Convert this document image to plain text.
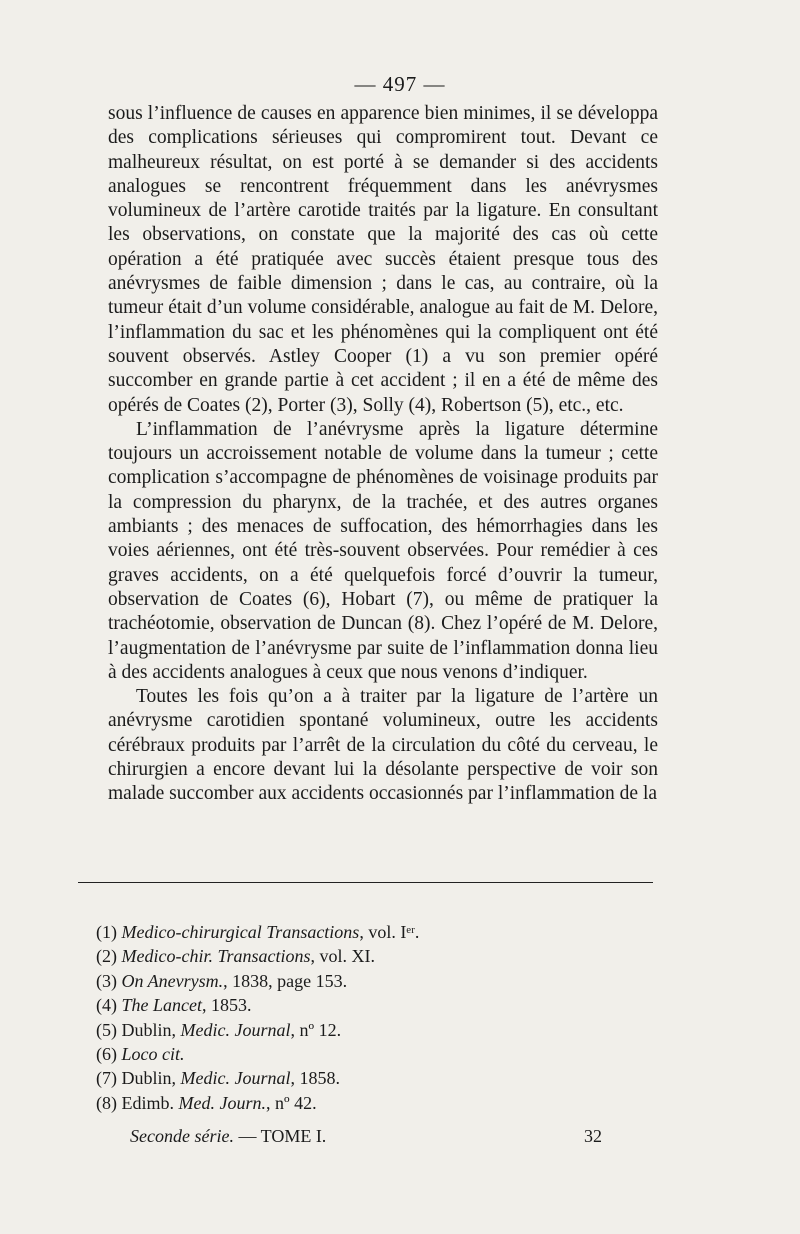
— 497 —

sous l’influence de causes en apparence bien minimes, il se développa des complications sérieuses qui compromirent tout. Devant ce malheureux résultat, on est porté à se demander si des accidents analogues se rencontrent fréquemment dans les anévrysmes volumineux de l’artère carotide traités par la ligature. En consultant les observations, on constate que la majorité des cas où cette opération a été pratiquée avec succès étaient presque tous des anévrysmes de faible dimension ; dans le cas, au contraire, où la tumeur était d’un volume considérable, analogue au fait de M. Delore, l’inflammation du sac et les phénomènes qui la compliquent ont été souvent observés. Astley Cooper (1) a vu son premier opéré succomber en grande partie à cet accident ; il en a été de même des opérés de Coates (2), Porter (3), Solly (4), Robertson (5), etc., etc.

L’inflammation de l’anévrysme après la ligature détermine toujours un accroissement notable de volume dans la tumeur ; cette complication s’accompagne de phénomènes de voisinage produits par la compression du pharynx, de la trachée, et des autres organes ambiants ; des menaces de suffocation, des hémorrhagies dans les voies aériennes, ont été très-souvent observées. Pour remédier à ces graves accidents, on a été quelquefois forcé d’ouvrir la tumeur, observation de Coates (6), Hobart (7), ou même de pratiquer la trachéotomie, observation de Duncan (8). Chez l’opéré de M. Delore, l’augmentation de l’anévrysme par suite de l’inflammation donna lieu à des accidents analogues à ceux que nous venons d’indiquer.

Toutes les fois qu’on a à traiter par la ligature de l’artère un anévrysme carotidien spontané volumineux, outre les accidents cérébraux produits par l’arrêt de la circulation du côté du cerveau, le chirurgien a encore devant lui la désolante perspective de voir son malade succomber aux accidents occasionnés par l’inflammation de la

(1) Medico-chirurgical Transactions, vol. Iᵉʳ.
(2) Medico-chir. Transactions, vol. XI.
(3) On Anevrysm., 1838, page 153.
(4) The Lancet, 1853.
(5) Dublin, Medic. Journal, nº 12.
(6) Loco cit.
(7) Dublin, Medic. Journal, 1858.
(8) Edimb. Med. Journ., nº 42.
Seconde série. — TOME I.	32
